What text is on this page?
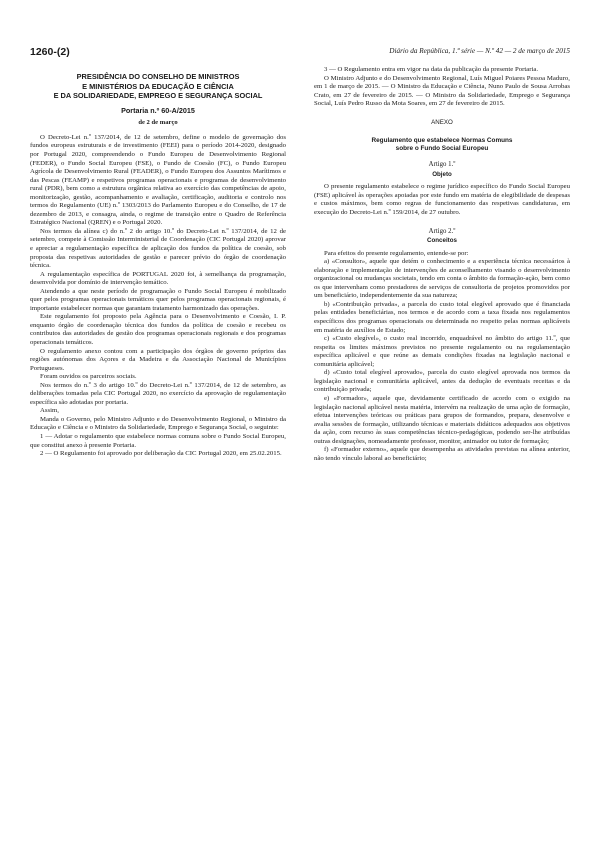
1260-(2)	Diário da República, 1.ª série — N.º 42 — 2 de março de 2015
PRESIDÊNCIA DO CONSELHO DE MINISTROS
E MINISTÉRIOS DA EDUCAÇÃO E CIÊNCIA
E DA SOLIDARIEDADE, EMPREGO E SEGURANÇA SOCIAL
Portaria n.º 60-A/2015
de 2 de março

O Decreto-Lei n.º 137/2014, de 12 de setembro, define o modelo de governação dos fundos europeus estruturais e de investimento (FEEI) para o período 2014-2020, designado por Portugal 2020, compreendendo o Fundo Europeu de Desenvolvimento Regional (FEDER), o Fundo Social Europeu (FSE), o Fundo de Coesão (FC), o Fundo Europeu Agrícola de Desenvolvimento Rural (FEADER), o Fundo Europeu dos Assuntos Marítimos e das Pescas (FEAMP) e respetivos programas operacionais e programas de desenvolvimento rural (PDR), bem como a estrutura orgânica relativa ao exercício das competências de apoio, monitorização, gestão, acompanhamento e avaliação, certificação, auditoria e controlo nos termos do Regulamento (UE) n.º 1303/2013 do Parlamento Europeu e do Conselho, de 17 de dezembro de 2013, e consagra, ainda, o regime de transição entre o Quadro de Referência Estratégico Nacional (QREN) e o Portugal 2020.

Nos termos da alínea c) do n.º 2 do artigo 10.º do Decreto-Lei n.º 137/2014, de 12 de setembro, compete à Comissão Interministerial de Coordenação (CIC Portugal 2020) aprovar e apreciar a regulamentação específica de aplicação dos fundos da política de coesão, sob proposta das respetivas autoridades de gestão e parecer prévio do órgão de coordenação técnica.

A regulamentação específica de PORTUGAL 2020 foi, à semelhança da programação, desenvolvida por domínio de intervenção temático.

Atendendo a que neste período de programação o Fundo Social Europeu é mobilizado quer pelos programas operacionais temáticos quer pelos programas operacionais regionais, é importante estabelecer normas que garantam tratamento harmonizado das operações.

Este regulamento foi proposto pela Agência para o Desenvolvimento e Coesão, I. P. enquanto órgão de coordenação técnica dos fundos da política de coesão e recebeu os contributos das autoridades de gestão dos programas operacionais regionais e dos programas operacionais temáticos.

O regulamento anexo contou com a participação dos órgãos de governo próprios das regiões autónomas dos Açores e da Madeira e da Associação Nacional de Municípios Portugueses.

Foram ouvidos os parceiros sociais.

Nos termos do n.º 3 do artigo 10.º do Decreto-Lei n.º 137/2014, de 12 de setembro, as deliberações tomadas pela CIC Portugal 2020, no exercício da aprovação de regulamentação específica são adotadas por portaria.

Assim,

Manda o Governo, pelo Ministro Adjunto e do Desenvolvimento Regional, o Ministro da Educação e Ciência e o Ministro da Solidariedade, Emprego e Segurança Social, o seguinte:

1 — Adotar o regulamento que estabelece normas comuns sobre o Fundo Social Europeu, que constitui anexo à presente Portaria.

2 — O Regulamento foi aprovado por deliberação da CIC Portugal 2020, em 25.02.2015.

3 — O Regulamento entra em vigor na data da publicação da presente Portaria.

O Ministro Adjunto e do Desenvolvimento Regional, Luís Miguel Poiares Pessoa Maduro, em 1 de março de 2015. — O Ministro da Educação e Ciência, Nuno Paulo de Sousa Arrobas Crato, em 27 de fevereiro de 2015. — O Ministro da Solidariedade, Emprego e Segurança Social, Luís Pedro Russo da Mota Soares, em 27 de fevereiro de 2015.

ANEXO
Regulamento que estabelece Normas Comuns
sobre o Fundo Social Europeu
Artigo 1.º
Objeto

O presente regulamento estabelece o regime jurídico específico do Fundo Social Europeu (FSE) aplicável às operações apoiadas por este fundo em matéria de elegibilidade de despesas e custos máximos, bem como regras de funcionamento das respetivas candidaturas, em execução do Decreto-Lei n.º 159/2014, de 27 outubro.

Artigo 2.º
Conceitos

Para efeitos do presente regulamento, entende-se por:

a) «Consultor», aquele que detém o conhecimento e a experiência técnica necessários à elaboração e implementação de intervenções de aconselhamento visando o desenvolvimento organizacional ou mudanças societais, tendo em conta o âmbito da formação-ação, bem como os que intervenham como prestadores de serviços de consultoria de projetos promovidos por um beneficiário, independentemente da sua natureza;

b) «Contribuição privada», a parcela do custo total elegível aprovado que é financiada pelas entidades beneficiárias, nos termos e de acordo com a taxa fixada nos regulamentos específicos dos programas operacionais ou determinada no respeito pelas normas aplicáveis em matéria de auxílios de Estado;

c) «Custo elegível», o custo real incorrido, enquadrável no âmbito do artigo 11.º, que respeita os limites máximos previstos no presente regulamento ou na regulamentação específica aplicável e que reúne as demais condições fixadas na legislação nacional e comunitária aplicável;

d) «Custo total elegível aprovado», parcela do custo elegível aprovada nos termos da legislação nacional e comunitária aplicável, antes da dedução de eventuais receitas e da contribuição privada;

e) «Formador», aquele que, devidamente certificado de acordo com o exigido na legislação nacional aplicável nesta matéria, intervém na realização de uma ação de formação, efetua intervenções teóricas ou práticas para grupos de formandos, prepara, desenvolve e avalia sessões de formação, utilizando técnicas e materiais didáticos adequados aos objetivos da ação, com recurso às suas competências técnico-pedagógicas, podendo ser-lhe atribuídas outras designações, nomeadamente professor, monitor, animador ou tutor de formação;

f) «Formador externo», aquele que desempenha as atividades previstas na alínea anterior, não tendo vínculo laboral ao beneficiário;
